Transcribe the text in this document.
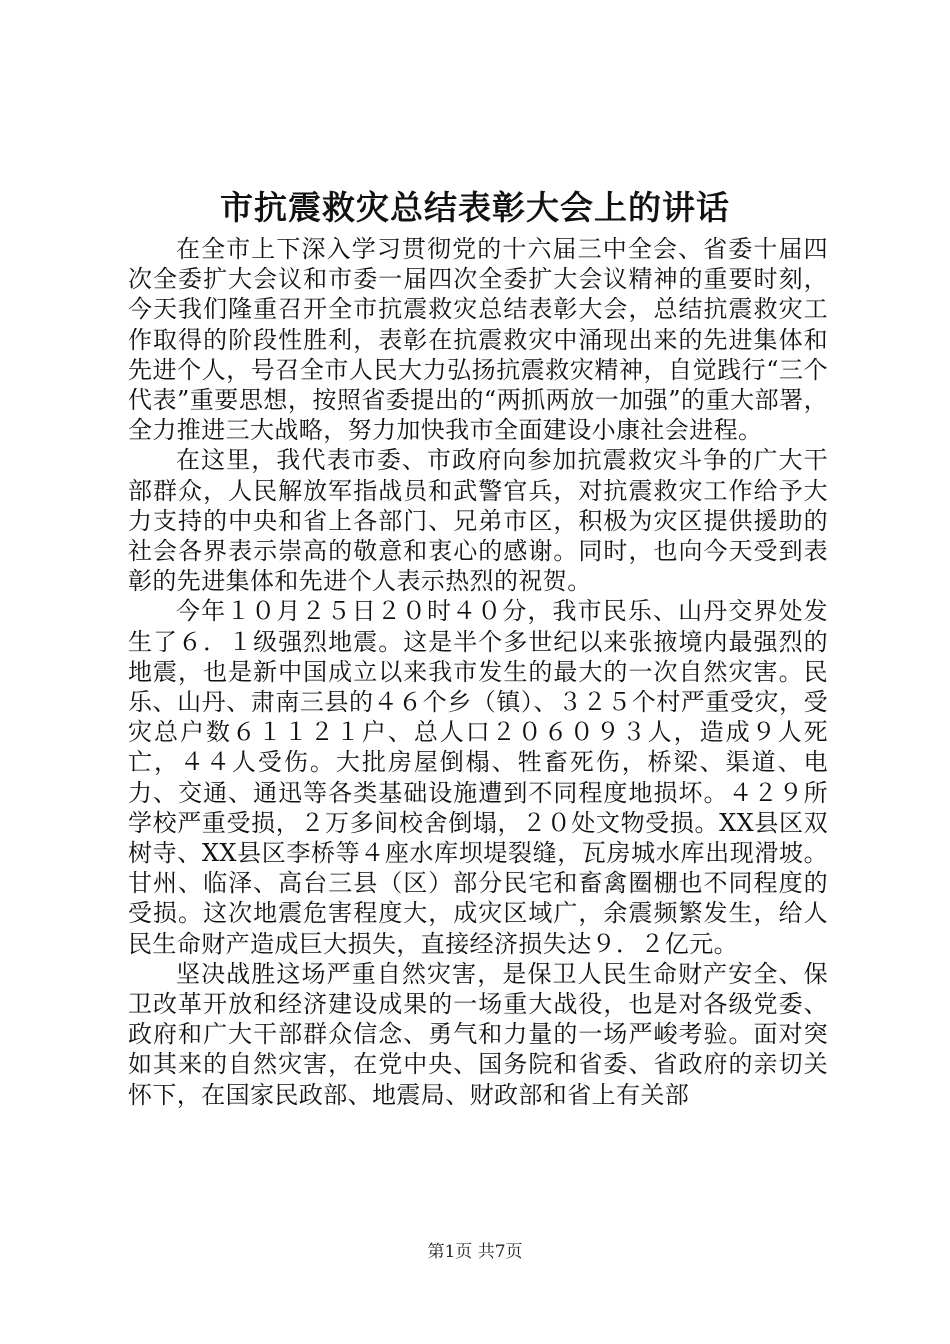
市抗震救灾总结表彰大会上的讲话

在全市上下深入学习贯彻党的十六届三中全会、省委十届四次全委扩大会议和市委一届四次全委扩大会议精神的重要时刻，今天我们隆重召开全市抗震救灾总结表彰大会，总结抗震救灾工作取得的阶段性胜利，表彰在抗震救灾中涌现出来的先进集体和先进个人，号召全市人民大力弘扬抗震救灾精神，自觉践行“三个代表”重要思想，按照省委提出的“两抓两放一加强”的重大部署，全力推进三大战略，努力加快我市全面建设小康社会进程。

在这里，我代表市委、市政府向参加抗震救灾斗争的广大干部群众，人民解放军指战员和武警官兵，对抗震救灾工作给予大力支持的中央和省上各部门、兄弟市区，积极为灾区提供援助的社会各界表示崇高的敬意和衷心的感谢。同时，也向今天受到表彰的先进集体和先进个人表示热烈的祝贺。

今年１０月２５日２０时４０分，我市民乐、山丹交界处发生了６．１级强烈地震。这是半个多世纪以来张掖境内最强烈的地震，也是新中国成立以来我市发生的最大的一次自然灾害。民乐、山丹、肃南三县的４６个乡（镇）、３２５个村严重受灾，受灾总户数６１１２１户、总人口２０６０９３人，造成９人死亡，４４人受伤。大批房屋倒榻、牲畜死伤，桥梁、渠道、电力、交通、通迅等各类基础设施遭到不同程度地损坏。４２９所学校严重受损，２万多间校舍倒塌，２０处文物受损。XX县区双树寺、XX县区李桥等４座水库坝堤裂缝，瓦房城水库出现滑坡。甘州、临泽、高台三县（区）部分民宅和畜禽圈棚也不同程度的受损。这次地震危害程度大，成灾区域广，余震频繁发生，给人民生命财产造成巨大损失，直接经济损失达９．２亿元。

坚决战胜这场严重自然灾害，是保卫人民生命财产安全、保卫改革开放和经济建设成果的一场重大战役，也是对各级党委、政府和广大干部群众信念、勇气和力量的一场严峻考验。面对突如其来的自然灾害，在党中央、国务院和省委、省政府的亲切关怀下，在国家民政部、地震局、财政部和省上有关部

第1页 共7页
